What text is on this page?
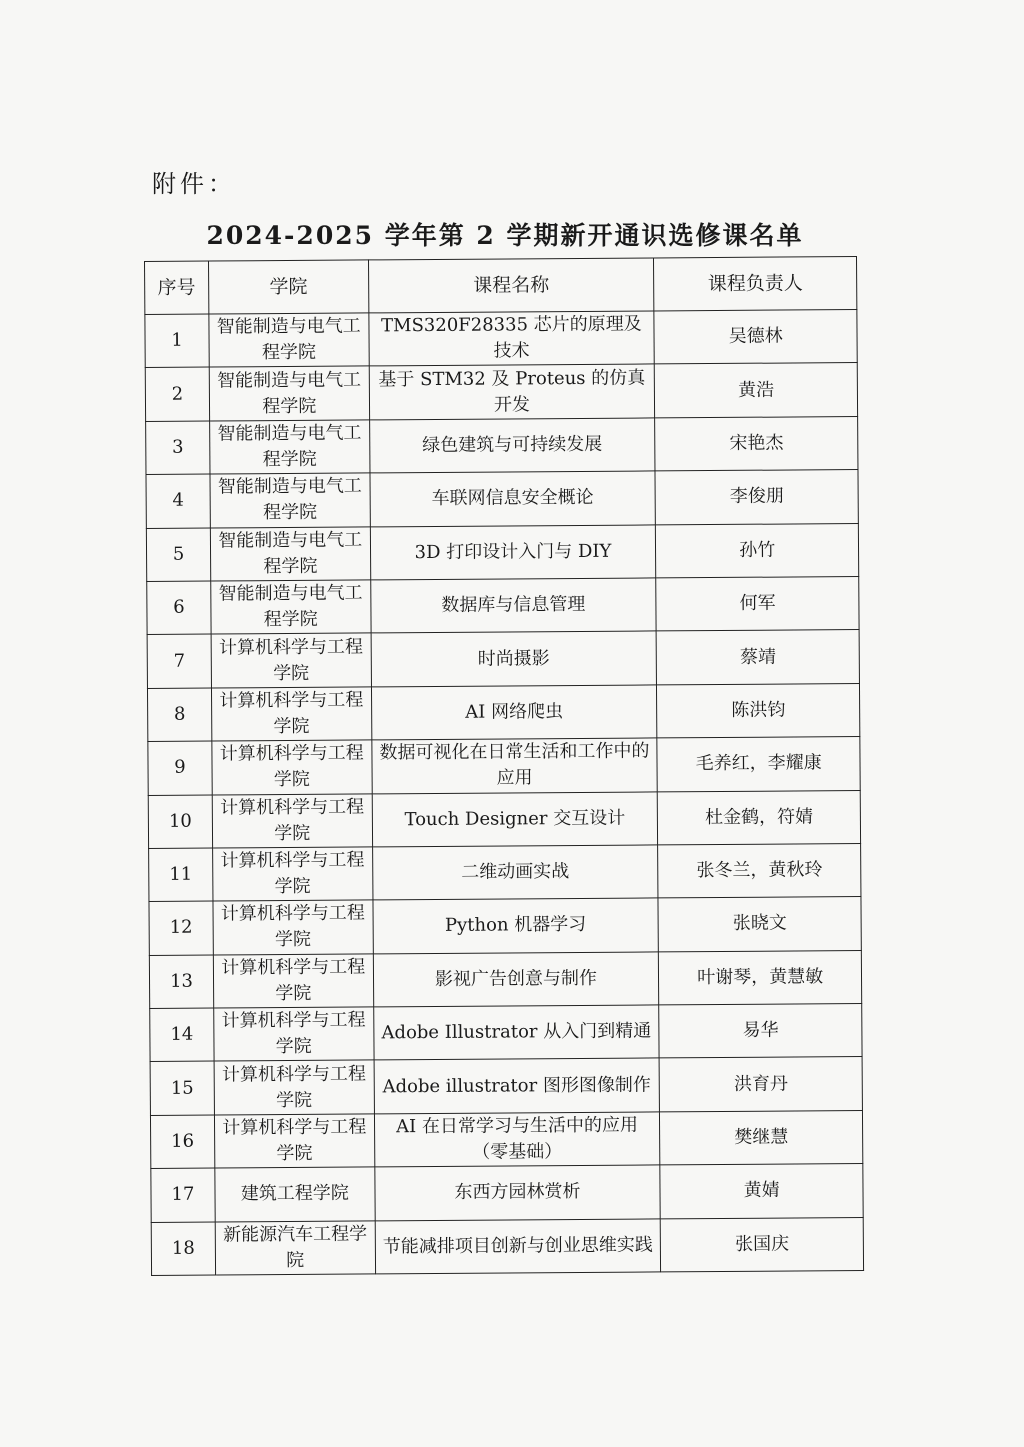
附件：
2024-2025 学年第 2 学期新开通识选修课名单
序号	学院	课程名称	课程负责人
1	智能制造与电气工程学院	TMS320F28335 芯片的原理及技术	吴德林
2	智能制造与电气工程学院	基于 STM32 及 Proteus 的仿真开发	黄浩
3	智能制造与电气工程学院	绿色建筑与可持续发展	宋艳杰
4	智能制造与电气工程学院	车联网信息安全概论	李俊朋
5	智能制造与电气工程学院	3D 打印设计入门与 DIY	孙竹
6	智能制造与电气工程学院	数据库与信息管理	何军
7	计算机科学与工程学院	时尚摄影	蔡靖
8	计算机科学与工程学院	AI 网络爬虫	陈洪钧
9	计算机科学与工程学院	数据可视化在日常生活和工作中的应用	毛养红，李耀康
10	计算机科学与工程学院	Touch Designer 交互设计	杜金鹤，符婧
11	计算机科学与工程学院	二维动画实战	张冬兰，黄秋玲
12	计算机科学与工程学院	Python 机器学习	张晓文
13	计算机科学与工程学院	影视广告创意与制作	叶谢琴，黄慧敏
14	计算机科学与工程学院	Adobe Illustrator 从入门到精通	易华
15	计算机科学与工程学院	Adobe illustrator 图形图像制作	洪育丹
16	计算机科学与工程学院	AI 在日常学习与生活中的应用（零基础）	樊继慧
17	建筑工程学院	东西方园林赏析	黄婧
18	新能源汽车工程学院	节能减排项目创新与创业思维实践	张国庆
